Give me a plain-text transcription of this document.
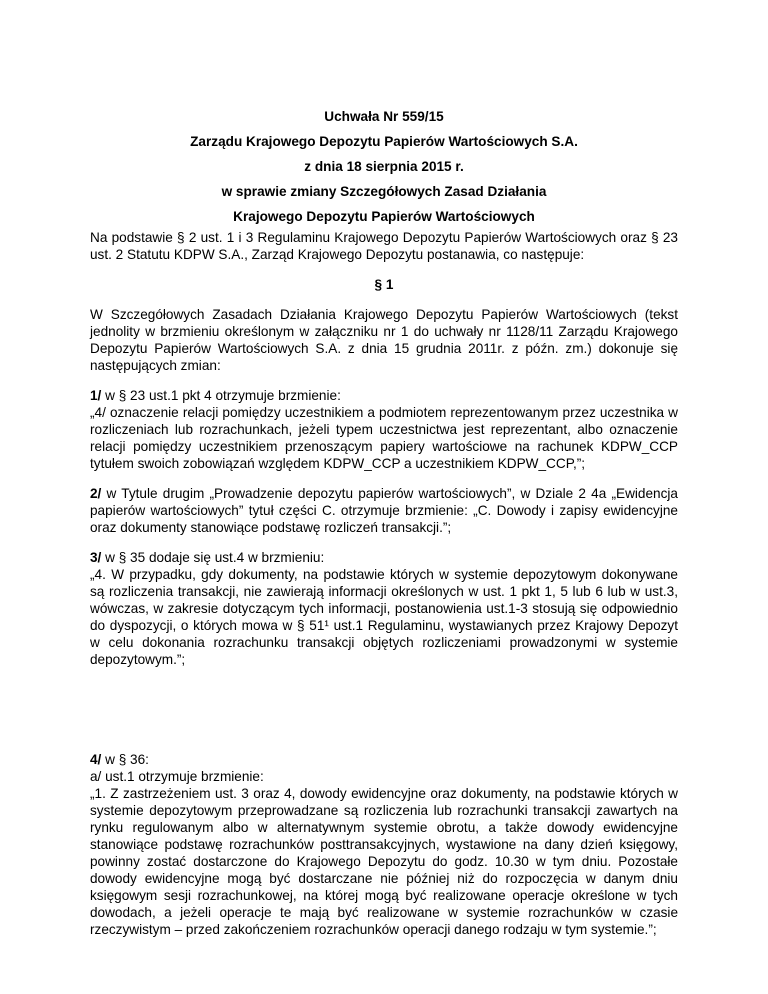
Uchwała Nr 559/15
Zarządu Krajowego Depozytu Papierów Wartościowych S.A.
z dnia 18 sierpnia 2015 r.
w sprawie zmiany Szczegółowych Zasad Działania
Krajowego Depozytu Papierów Wartościowych
Na podstawie § 2 ust. 1 i 3 Regulaminu Krajowego Depozytu Papierów Wartościowych oraz § 23 ust. 2 Statutu KDPW S.A., Zarząd Krajowego Depozytu postanawia, co następuje:
§ 1
W Szczegółowych Zasadach Działania Krajowego Depozytu Papierów Wartościowych (tekst jednolity w brzmieniu określonym w załączniku nr 1 do uchwały nr 1128/11 Zarządu Krajowego Depozytu Papierów Wartościowych S.A. z dnia 15 grudnia 2011r. z późn. zm.) dokonuje się następujących zmian:
1/ w § 23 ust.1 pkt 4 otrzymuje brzmienie:
„4/ oznaczenie relacji pomiędzy uczestnikiem a podmiotem reprezentowanym przez uczestnika w rozliczeniach lub rozrachunkach, jeżeli typem uczestnictwa jest reprezentant, albo oznaczenie relacji pomiędzy uczestnikiem przenoszącym papiery wartościowe na rachunek KDPW_CCP tytułem swoich zobowiązań względem KDPW_CCP a uczestnikiem KDPW_CCP,”;
2/ w Tytule drugim „Prowadzenie depozytu papierów wartościowych”, w Dziale 2 4a „Ewidencja papierów wartościowych” tytuł części C. otrzymuje brzmienie: „C. Dowody i zapisy ewidencyjne oraz dokumenty stanowiące podstawę rozliczeń transakcji.”;
3/ w § 35 dodaje się ust.4 w brzmieniu:
„4. W przypadku, gdy dokumenty, na podstawie których w systemie depozytowym dokonywane są rozliczenia transakcji, nie zawierają informacji określonych w ust. 1 pkt 1, 5 lub 6 lub w ust.3, wówczas, w zakresie dotyczącym tych informacji, postanowienia ust.1-3 stosują się odpowiednio do dyspozycji, o których mowa w § 51¹ ust.1 Regulaminu, wystawianych przez Krajowy Depozyt w celu dokonania rozrachunku transakcji objętych rozliczeniami prowadzonymi w systemie depozytowym.”;
4/ w § 36:
a/ ust.1 otrzymuje brzmienie:
„1. Z zastrzeżeniem ust. 3 oraz 4, dowody ewidencyjne oraz dokumenty, na podstawie których w systemie depozytowym przeprowadzane są rozliczenia lub rozrachunki transakcji zawartych na rynku regulowanym albo w alternatywnym systemie obrotu, a także dowody ewidencyjne stanowiące podstawę rozrachunków posttransakcyjnych, wystawione na dany dzień księgowy, powinny zostać dostarczone do Krajowego Depozytu do godz. 10.30 w tym dniu. Pozostałe dowody ewidencyjne mogą być dostarczane nie później niż do rozpoczęcia w danym dniu księgowym sesji rozrachunkowej, na której mogą być realizowane operacje określone w tych dowodach, a jeżeli operacje te mają być realizowane w systemie rozrachunków w czasie rzeczywistym – przed zakończeniem rozrachunków operacji danego rodzaju w tym systemie.”;
